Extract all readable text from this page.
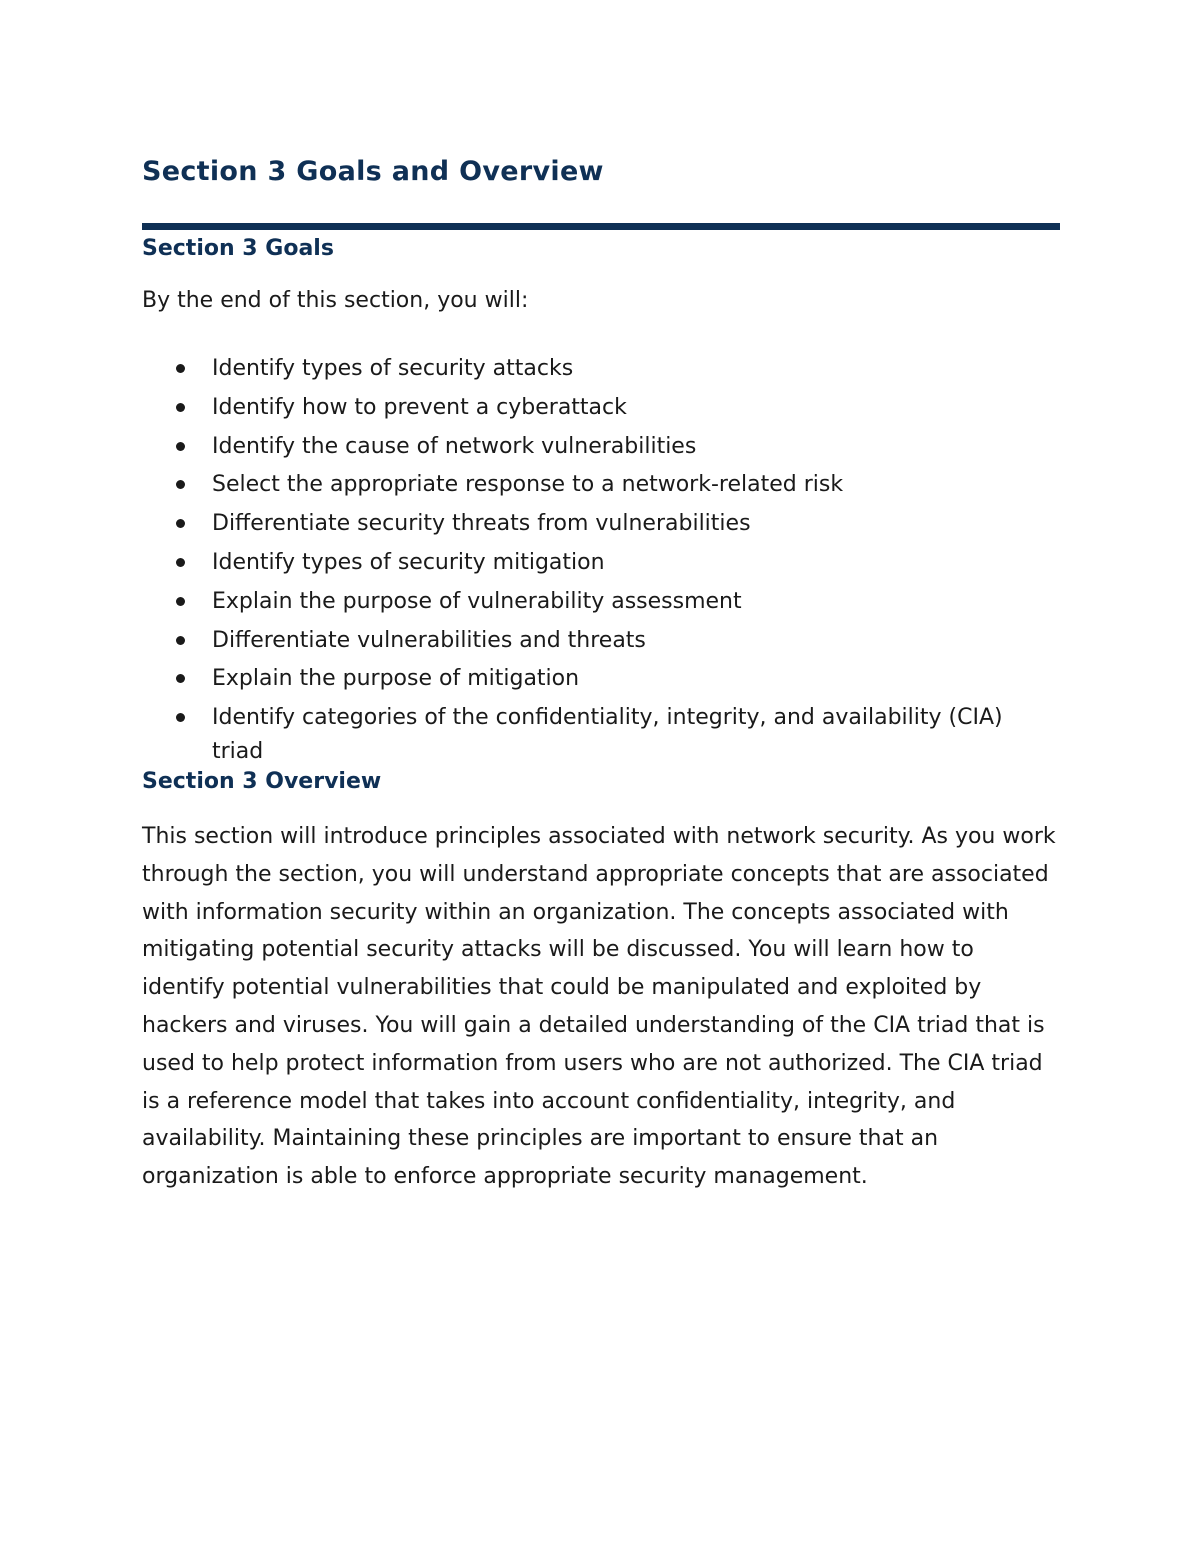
Section 3 Goals and Overview
Section 3 Goals

By the end of this section, you will:

Identify types of security attacks
Identify how to prevent a cyberattack
Identify the cause of network vulnerabilities
Select the appropriate response to a network-related risk
Differentiate security threats from vulnerabilities
Identify types of security mitigation
Explain the purpose of vulnerability assessment
Differentiate vulnerabilities and threats
Explain the purpose of mitigation
Identify categories of the confidentiality, integrity, and availability (CIA) triad
Section 3 Overview

This section will introduce principles associated with network security. As you work through the section, you will understand appropriate concepts that are associated with information security within an organization. The concepts associated with mitigating potential security attacks will be discussed. You will learn how to identify potential vulnerabilities that could be manipulated and exploited by hackers and viruses. You will gain a detailed understanding of the CIA triad that is used to help protect information from users who are not authorized. The CIA triad is a reference model that takes into account confidentiality, integrity, and availability. Maintaining these principles are important to ensure that an organization is able to enforce appropriate security management.
